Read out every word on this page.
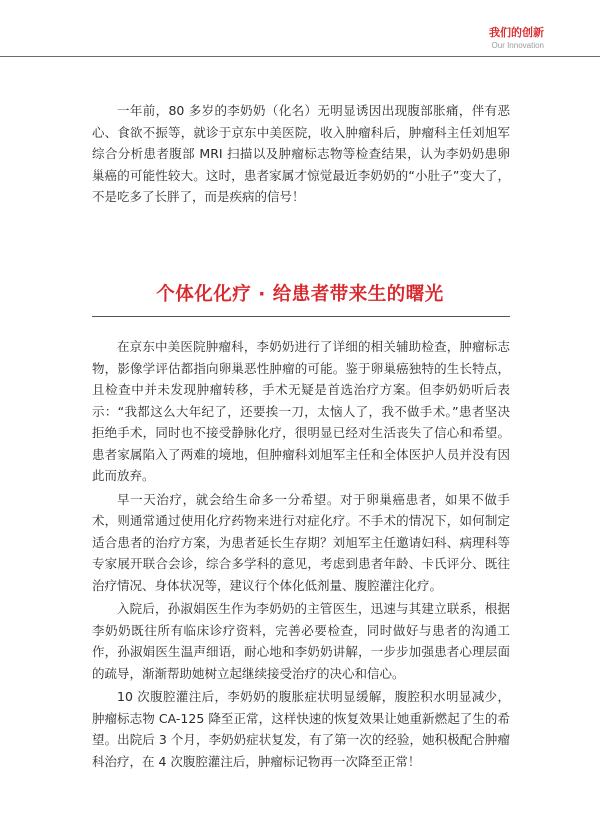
我们的创新
Our Innovation

一年前，80 多岁的李奶奶（化名）无明显诱因出现腹部胀痛，伴有恶心、食欲不振等，就诊于京东中美医院，收入肿瘤科后，肿瘤科主任刘旭军综合分析患者腹部 MRI 扫描以及肿瘤标志物等检查结果，认为李奶奶患卵巢癌的可能性较大。这时，患者家属才惊觉最近李奶奶的“小肚子”变大了，不是吃多了长胖了，而是疾病的信号！

个体化化疗 · 给患者带来生的曙光

在京东中美医院肿瘤科，李奶奶进行了详细的相关辅助检查，肿瘤标志物，影像学评估都指向卵巢恶性肿瘤的可能。鉴于卵巢癌独特的生长特点，且检查中并未发现肿瘤转移，手术无疑是首选治疗方案。但李奶奶听后表示：“我都这么大年纪了，还要挨一刀，太恼人了，我不做手术。”患者坚决拒绝手术，同时也不接受静脉化疗，很明显已经对生活丧失了信心和希望。患者家属陷入了两难的境地，但肿瘤科刘旭军主任和全体医护人员并没有因此而放弃。

早一天治疗，就会给生命多一分希望。对于卵巢癌患者，如果不做手术，则通常通过使用化疗药物来进行对症化疗。不手术的情况下，如何制定适合患者的治疗方案，为患者延长生存期？刘旭军主任邀请妇科、病理科等专家展开联合会诊，综合多学科的意见，考虑到患者年龄、卡氏评分、既往治疗情况、身体状况等，建议行个体化低剂量、腹腔灌注化疗。

入院后，孙淑娟医生作为李奶奶的主管医生，迅速与其建立联系，根据李奶奶既往所有临床诊疗资料，完善必要检查，同时做好与患者的沟通工作，孙淑娟医生温声细语，耐心地和李奶奶讲解，一步步加强患者心理层面的疏导，渐渐帮助她树立起继续接受治疗的决心和信心。

10 次腹腔灌注后，李奶奶的腹胀症状明显缓解，腹腔积水明显减少，肿瘤标志物 CA-125 降至正常，这样快速的恢复效果让她重新燃起了生的希望。出院后 3 个月，李奶奶症状复发，有了第一次的经验，她积极配合肿瘤科治疗，在 4 次腹腔灌注后，肿瘤标记物再一次降至正常！
